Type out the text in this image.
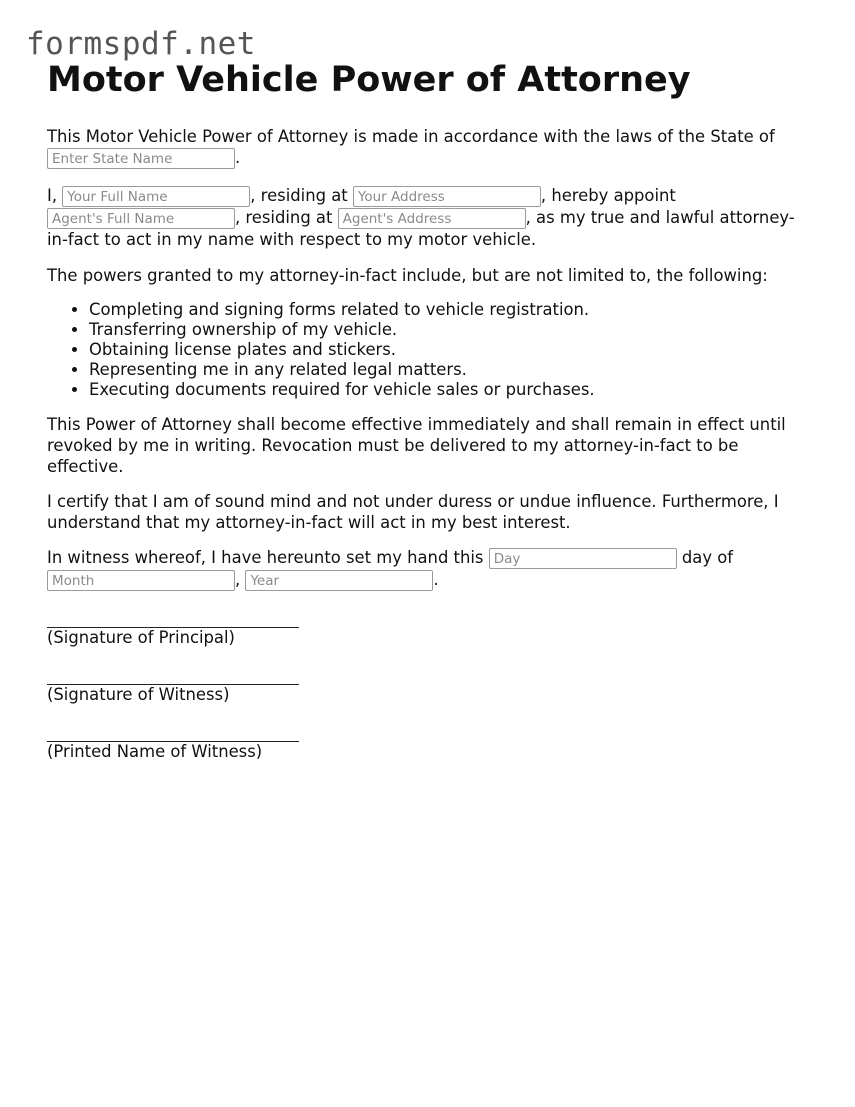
formspdf.net
Motor Vehicle Power of Attorney

This Motor Vehicle Power of Attorney is made in accordance with the laws of the State of
Enter State Name.

I, Your Full Name	, residing at Your Address	, hereby appoint
Agent's Full Name, residing at Agent's Address	, as my true and lawful attorney-in-fact to act in my name with respect to my motor vehicle.

The powers granted to my attorney-in-fact include, but are not limited to, the following:

• Completing and signing forms related to vehicle registration.
• Transferring ownership of my vehicle.
• Obtaining license plates and stickers.
• Representing me in any related legal matters.
• Executing documents required for vehicle sales or purchases.

This Power of Attorney shall become effective immediately and shall remain in effect until revoked by me in writing. Revocation must be delivered to my attorney-in-fact to be effective.

I certify that I am of sound mind and not under duress or undue influence. Furthermore, I understand that my attorney-in-fact will act in my best interest.

In witness whereof, I have hereunto set my hand this Day	day of
Month, Year	.

(Signature of Principal)
(Signature of Witness)
(Printed Name of Witness)
